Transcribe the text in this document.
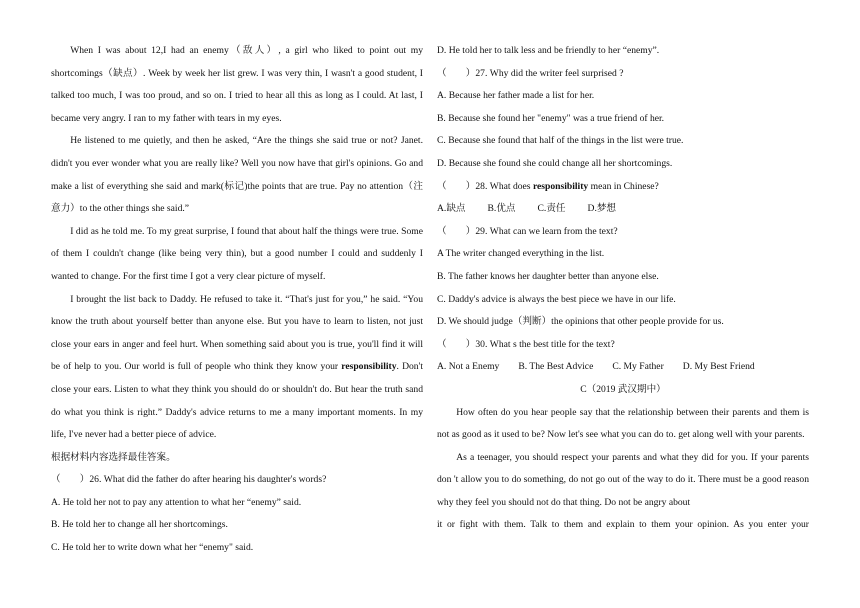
When I was about 12,I had an enemy（敌人）, a girl who liked to point out my shortcomings（缺点）. Week by week her list grew. I was very thin, I wasn't a good student, I talked too much, I was too proud, and so on. I tried to hear all this as long as I could. At last, I became very angry. I ran to my father with tears in my eyes.

He listened to me quietly, and then he asked, “Are the things she said true or not? Janet. didn't you ever wonder what you are really like? Well you now have that girl's opinions. Go and make a list of everything she said and mark(标记)the points that are true. Pay no attention（注意力）to the other things she said.”

I did as he told me. To my great surprise, I found that about half the things were true. Some of them I couldn't change (like being very thin), but a good number I could and suddenly I wanted to change. For the first time I got a very clear picture of myself.

I brought the list back to Daddy. He refused to take it. “That's just for you,” he said. “You know the truth about yourself better than anyone else. But you have to learn to listen, not just close your ears in anger and feel hurt. When something said about you is true, you'll find it will be of help to you. Our world is full of people who think they know your responsibility. Don't close your ears. Listen to what they think you should do or shouldn't do. But hear the truth sand do what you think is right.” Daddy's advice returns to me a many important moments. In my life, I've never had a better piece of advice.

根据材料内容选择最佳答案。
（　　）26. What did the father do after hearing his daughter's words?
A. He told her not to pay any attention to what her “enemy” said.
B. He told her to change all her shortcomings.
C. He told her to write down what her “enemy" said.
D. He told her to talk less and be friendly to her “enemy”.
（　　）27. Why did the writer feel surprised ?
A. Because her father made a list for her.
B. Because she found her "enemy" was a true friend of her.
C. Because she found that half of the things in the list were true.
D. Because she found she could change all her shortcomings.
（　　）28. What does responsibility mean in Chinese?
A.缺点 B.优点 C.责任 D.梦想
（　　）29. What can we learn from the text?
A The writer changed everything in the list.
B. The father knows her daughter better than anyone else.
C. Daddy's advice is always the best piece we have in our life.
D. We should judge（判断）the opinions that other people provide for us.
（　　）30. What s the best title for the text?
A. Not a Enemy B. The Best Advice C. My Father D. My Best Friend
C（2019 武汉期中）

How often do you hear people say that the relationship between their parents and them is not as good as it used to be? Now let's see what you can do to. get along well with your parents.

As a teenager, you should respect your parents and what they did for you. If your parents don 't allow you to do something, do not go out of the way to do it. There must be a good reason why they feel you should not do that thing. Do not be angry about

it or fight with them. Talk to them and explain to them your opinion. As you enter your
